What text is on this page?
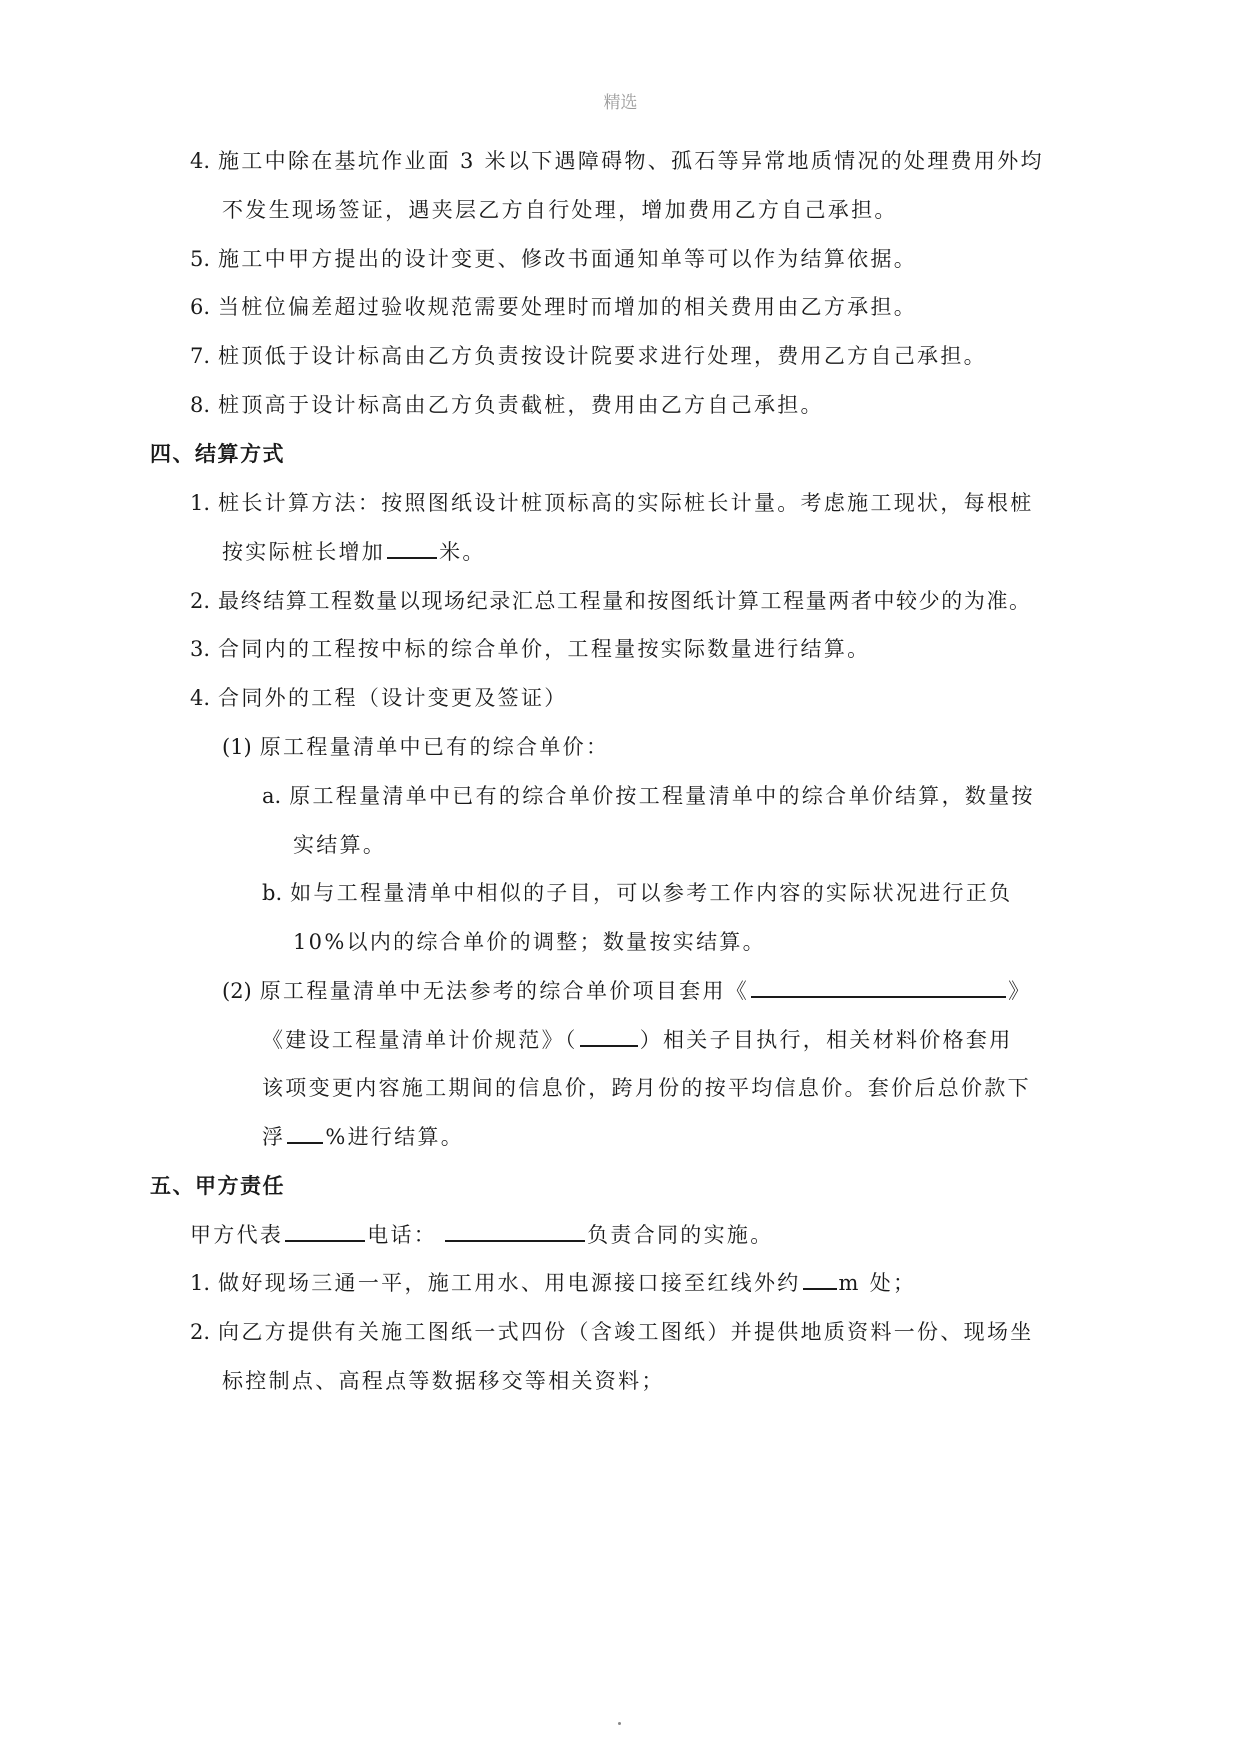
精选
4. 施工中除在基坑作业面 3 米以下遇障碍物、孤石等异常地质情况的处理费用外均
不发生现场签证，遇夹层乙方自行处理，增加费用乙方自己承担。
5. 施工中甲方提出的设计变更、修改书面通知单等可以作为结算依据。
6. 当桩位偏差超过验收规范需要处理时而增加的相关费用由乙方承担。
7. 桩顶低于设计标高由乙方负责按设计院要求进行处理，费用乙方自己承担。
8. 桩顶高于设计标高由乙方负责截桩，费用由乙方自己承担。
四、结算方式
1. 桩长计算方法：按照图纸设计桩顶标高的实际桩长计量。考虑施工现状，每根桩
按实际桩长增加	米。
2. 最终结算工程数量以现场纪录汇总工程量和按图纸计算工程量两者中较少的为准。
3. 合同内的工程按中标的综合单价，工程量按实际数量进行结算。
4. 合同外的工程（设计变更及签证）
(1) 原工程量清单中已有的综合单价：
a. 原工程量清单中已有的综合单价按工程量清单中的综合单价结算，数量按
实结算。
b. 如与工程量清单中相似的子目，可以参考工作内容的实际状况进行正负
10%以内的综合单价的调整；数量按实结算。
(2) 原工程量清单中无法参考的综合单价项目套用《	》
《建设工程量清单计价规范》（	）相关子目执行，相关材料价格套用
该项变更内容施工期间的信息价，跨月份的按平均信息价。套价后总价款下
浮 %进行结算。
五、甲方责任
甲方代表	电话：	负责合同的实施。
1. 做好现场三通一平，施工用水、用电源接口接至红线外约 m 处；
2. 向乙方提供有关施工图纸一式四份（含竣工图纸）并提供地质资料一份、现场坐
标控制点、高程点等数据移交等相关资料；
